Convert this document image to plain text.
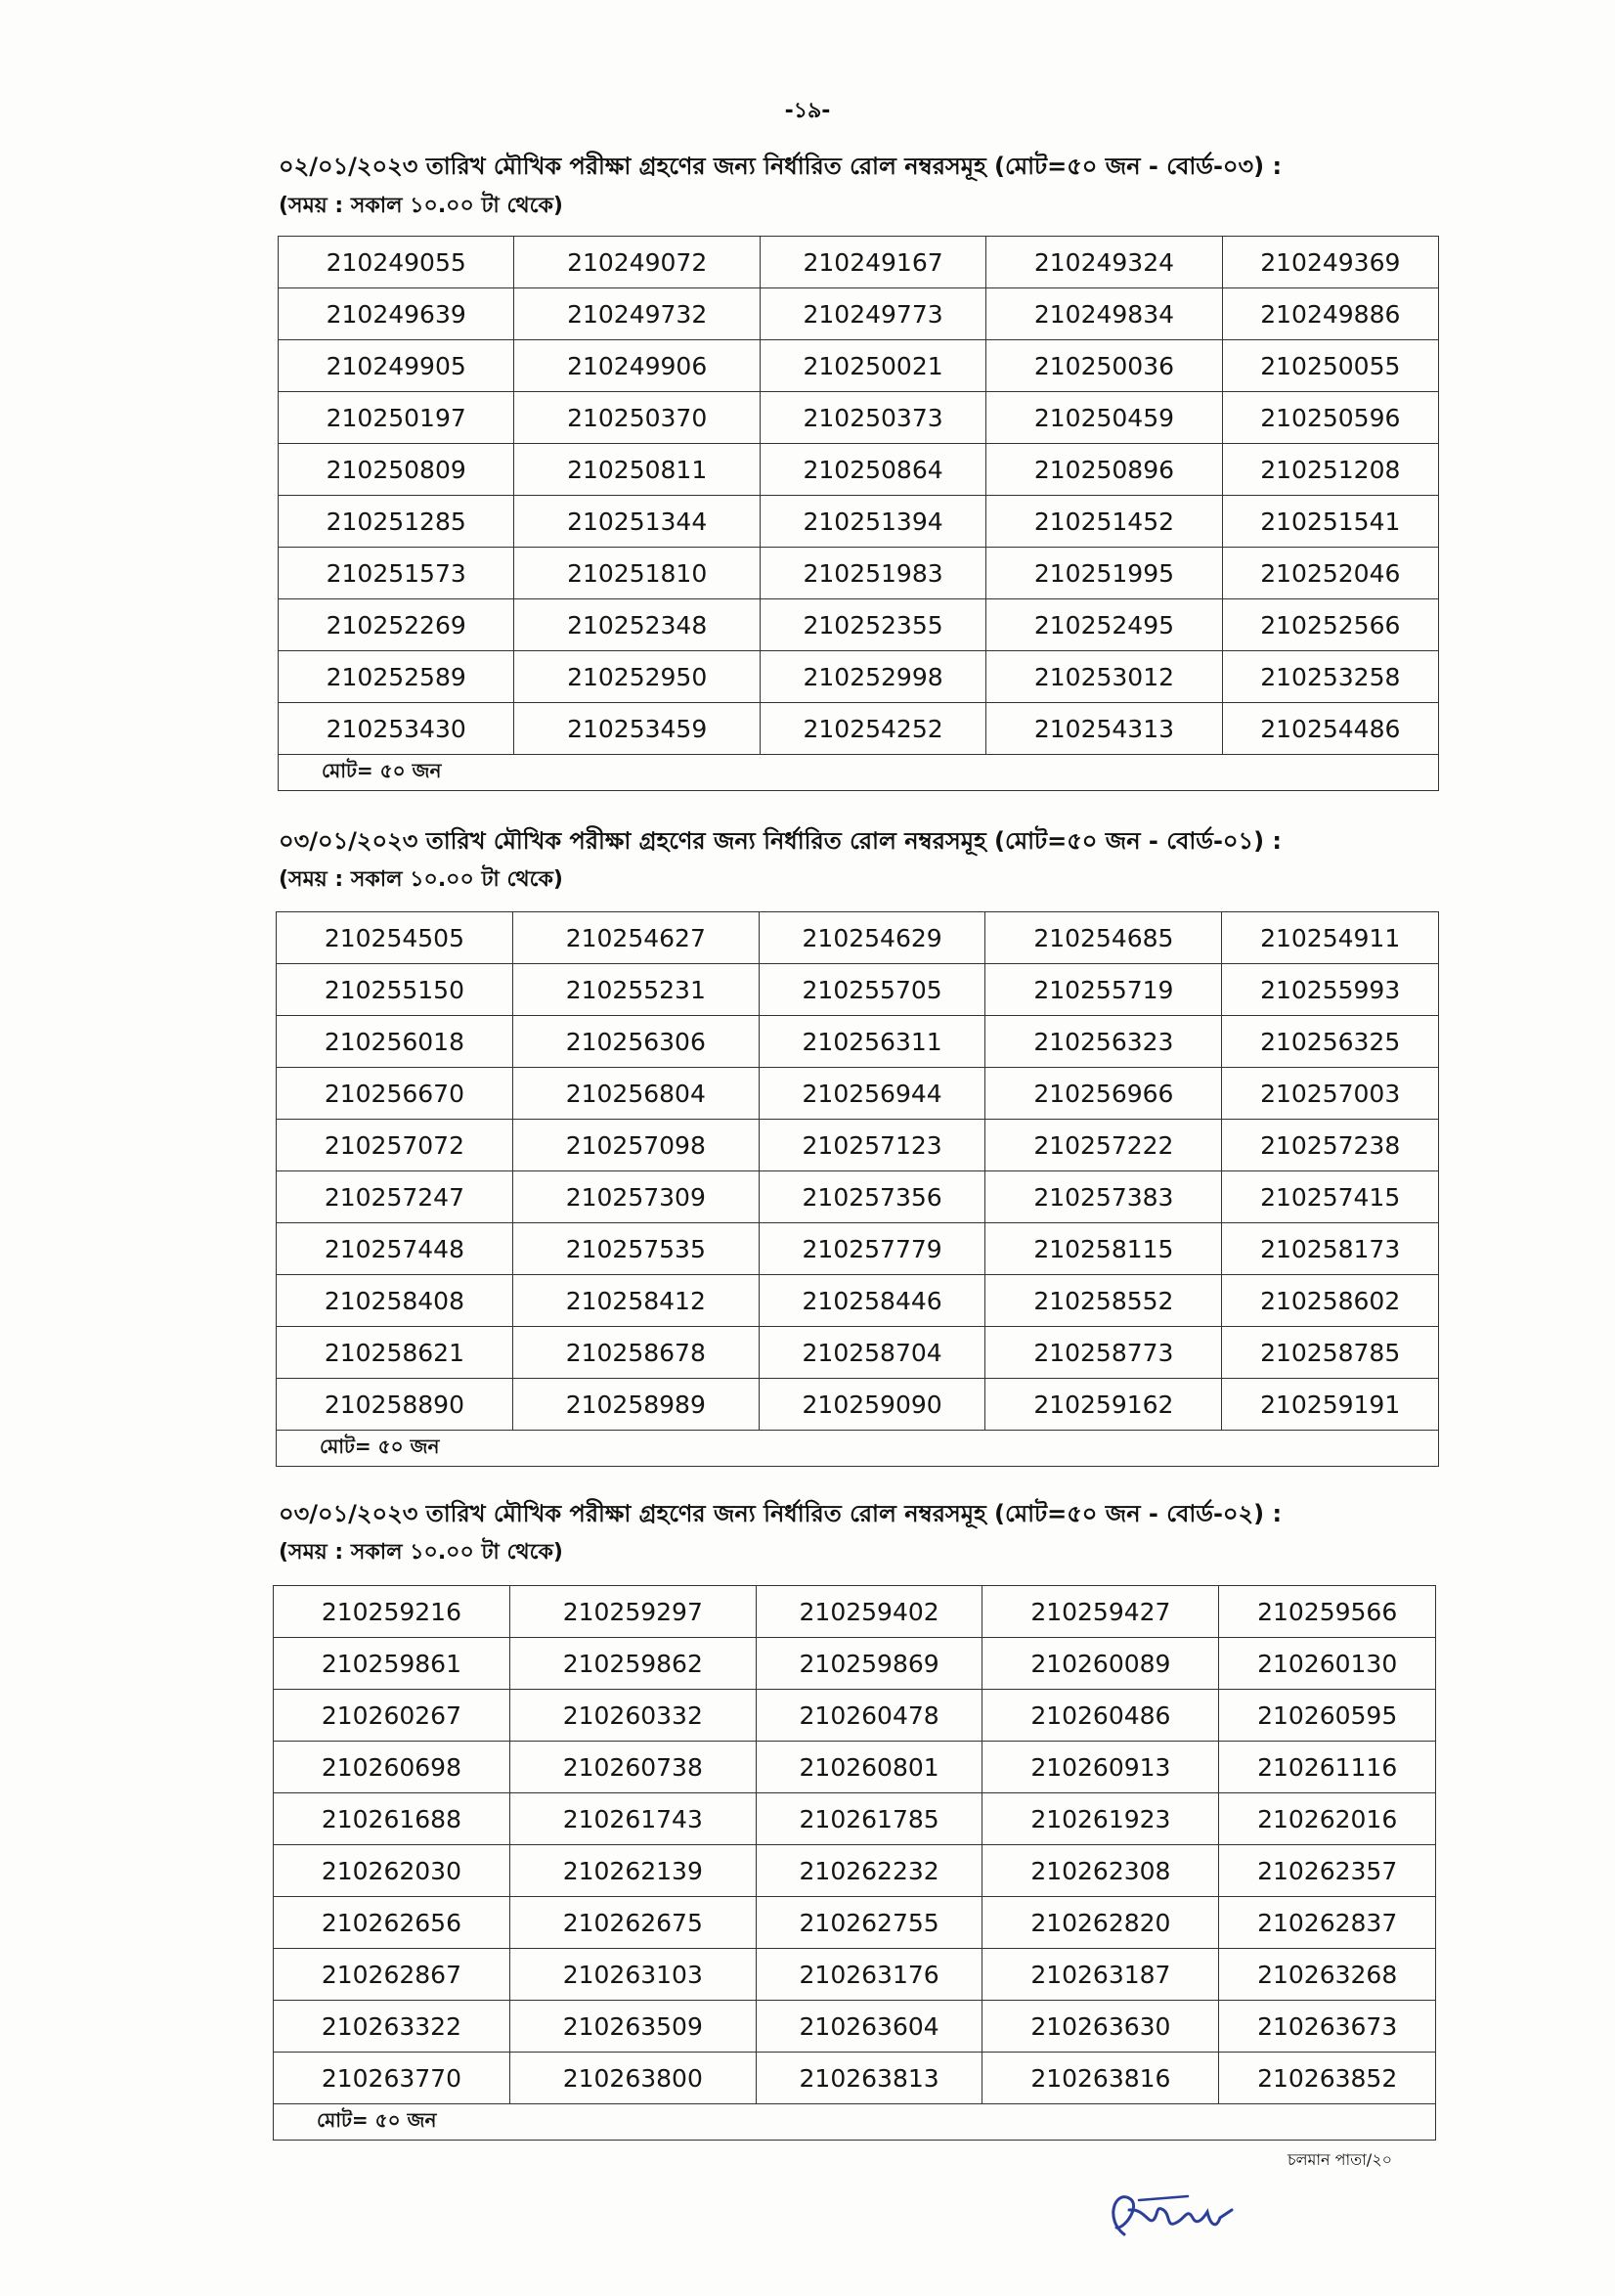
-১৯-
০২/০১/২০২৩ তারিখ মৌখিক পরীক্ষা গ্রহণের জন্য নির্ধারিত রোল নম্বরসমূহ (মোট=৫০ জন - বোর্ড-০৩) :
(সময় : সকাল ১০.০০ টা থেকে)
210249055	210249072	210249167	210249324	210249369
210249639	210249732	210249773	210249834	210249886
210249905	210249906	210250021	210250036	210250055
210250197	210250370	210250373	210250459	210250596
210250809	210250811	210250864	210250896	210251208
210251285	210251344	210251394	210251452	210251541
210251573	210251810	210251983	210251995	210252046
210252269	210252348	210252355	210252495	210252566
210252589	210252950	210252998	210253012	210253258
210253430	210253459	210254252	210254313	210254486
মোট= ৫০ জন				
০৩/০১/২০২৩ তারিখ মৌখিক পরীক্ষা গ্রহণের জন্য নির্ধারিত রোল নম্বরসমূহ (মোট=৫০ জন - বোর্ড-০১) :
(সময় : সকাল ১০.০০ টা থেকে)
210254505	210254627	210254629	210254685	210254911
210255150	210255231	210255705	210255719	210255993
210256018	210256306	210256311	210256323	210256325
210256670	210256804	210256944	210256966	210257003
210257072	210257098	210257123	210257222	210257238
210257247	210257309	210257356	210257383	210257415
210257448	210257535	210257779	210258115	210258173
210258408	210258412	210258446	210258552	210258602
210258621	210258678	210258704	210258773	210258785
210258890	210258989	210259090	210259162	210259191
মোট= ৫০ জন				
০৩/০১/২০২৩ তারিখ মৌখিক পরীক্ষা গ্রহণের জন্য নির্ধারিত রোল নম্বরসমূহ (মোট=৫০ জন - বোর্ড-০২) :
(সময় : সকাল ১০.০০ টা থেকে)
210259216	210259297	210259402	210259427	210259566
210259861	210259862	210259869	210260089	210260130
210260267	210260332	210260478	210260486	210260595
210260698	210260738	210260801	210260913	210261116
210261688	210261743	210261785	210261923	210262016
210262030	210262139	210262232	210262308	210262357
210262656	210262675	210262755	210262820	210262837
210262867	210263103	210263176	210263187	210263268
210263322	210263509	210263604	210263630	210263673
210263770	210263800	210263813	210263816	210263852
মোট= ৫০ জন				
চলমান পাতা/২০
